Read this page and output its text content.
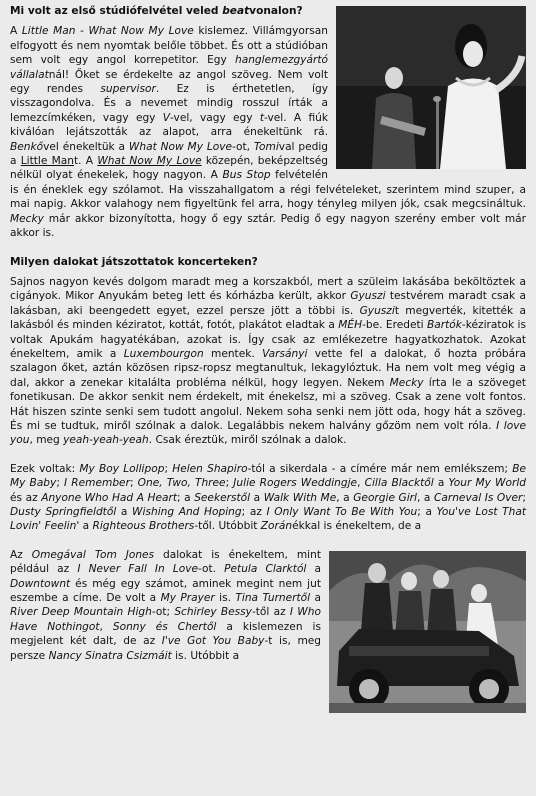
Mi volt az első stúdiófelvétel veled beatvonalon?

A Little Man - What Now My Love kislemez. Villámgyorsan elfogyott és nem nyomtak belőle többet. És ott a stúdióban sem volt egy angol korrepetitor. Egy hanglemezgyártó vállalatnál! Őket se érdekelte az angol szöveg. Nem volt egy rendes supervisor. Ez is érthetetlen, így visszagondolva. És a nevemet mindig rosszul írták a lemezcímkéken, vagy egy V-vel, vagy egy t-vel. A fiúk kiválóan lejátszották az alapot, arra énekeltünk rá. Benkővel énekeltük a What Now My Love-ot, Tomival pedig a Little Mant. A What Now My Love közepén, beképzeltség nélkül olyat énekelek, hogy nagyon. A Bus Stop felvételén is én éneklek egy szólamot. Ha visszahallgatom a régi felvételeket, szerintem mind szuper, a mai napig. Akkor valahogy nem figyeltünk fel arra, hogy tényleg milyen jók, csak megcsináltuk. Mecky már akkor bizonyította, hogy ő egy sztár. Pedig ő egy nagyon szerény ember volt már akkor is.

Milyen dalokat játszottatok koncerteken?

Sajnos nagyon kevés dolgom maradt meg a korszakból, mert a szüleim lakásába beköltöztek a cigányok. Mikor Anyukám beteg lett és kórházba került, akkor Gyuszi testvérem maradt csak a lakásban, aki beengedett egyet, ezzel persze jött a többi is. Gyuszit megverték, kitették a lakásból és minden kéziratot, kottát, fotót, plakátot eladtak a MÉH-be. Eredeti Bartók-kéziratok is voltak Apukám hagyatékában, azokat is. Így csak az emlékezetre hagyatkozhatok. Azokat énekeltem, amik a Luxembourgon mentek. Varsányi vette fel a dalokat, ő hozta próbára szalagon őket, aztán közösen ripsz-ropsz megtanultuk, lekagylóztuk. Ha nem volt meg végig a dal, akkor a zenekar kitalálta probléma nélkül, hogy legyen. Nekem Mecky írta le a szöveget fonetikusan. De akkor senkit nem érdekelt, mit énekelsz, mi a szöveg. Csak a zene volt fontos. Hát hiszen szinte senki sem tudott angolul. Nekem soha senki nem jött oda, hogy hát a szöveg. És mi se tudtuk, miről szólnak a dalok. Legalábbis nekem halvány gőzöm nem volt róla. I love you, meg yeah-yeah-yeah. Csak éreztük, miről szólnak a dalok.

Ezek voltak: My Boy Lollipop; Helen Shapiro-tól a sikerdala - a címére már nem emlékszem; Be My Baby; I Remember; One, Two, Three; Julie Rogers Weddingje, Cilla Blacktől a Your My World és az Anyone Who Had A Heart; a Seekerstől a Walk With Me, a Georgie Girl, a Carneval Is Over; Dusty Springfieldtől a Wishing And Hoping; az I Only Want To Be With You; a You've Lost That Lovin' Feelin' a Righteous Brothers-től. Utóbbit Zoránékkal is énekeltem, de a

Az Omegával Tom Jones dalokat is énekeltem, mint például az I Never Fall In Love-ot. Petula Clarktól a Downtownt és még egy számot, aminek megint nem jut eszembe a címe. De volt a My Prayer is. Tina Turnertől a River Deep Mountain High-ot; Schirley Bessy-től az I Who Have Nothingot, Sonny és Chertől a kislemezen is megjelent két dalt, de az I've Got You Baby-t is, meg persze Nancy Sinatra Csizmáit is. Utóbbit a
